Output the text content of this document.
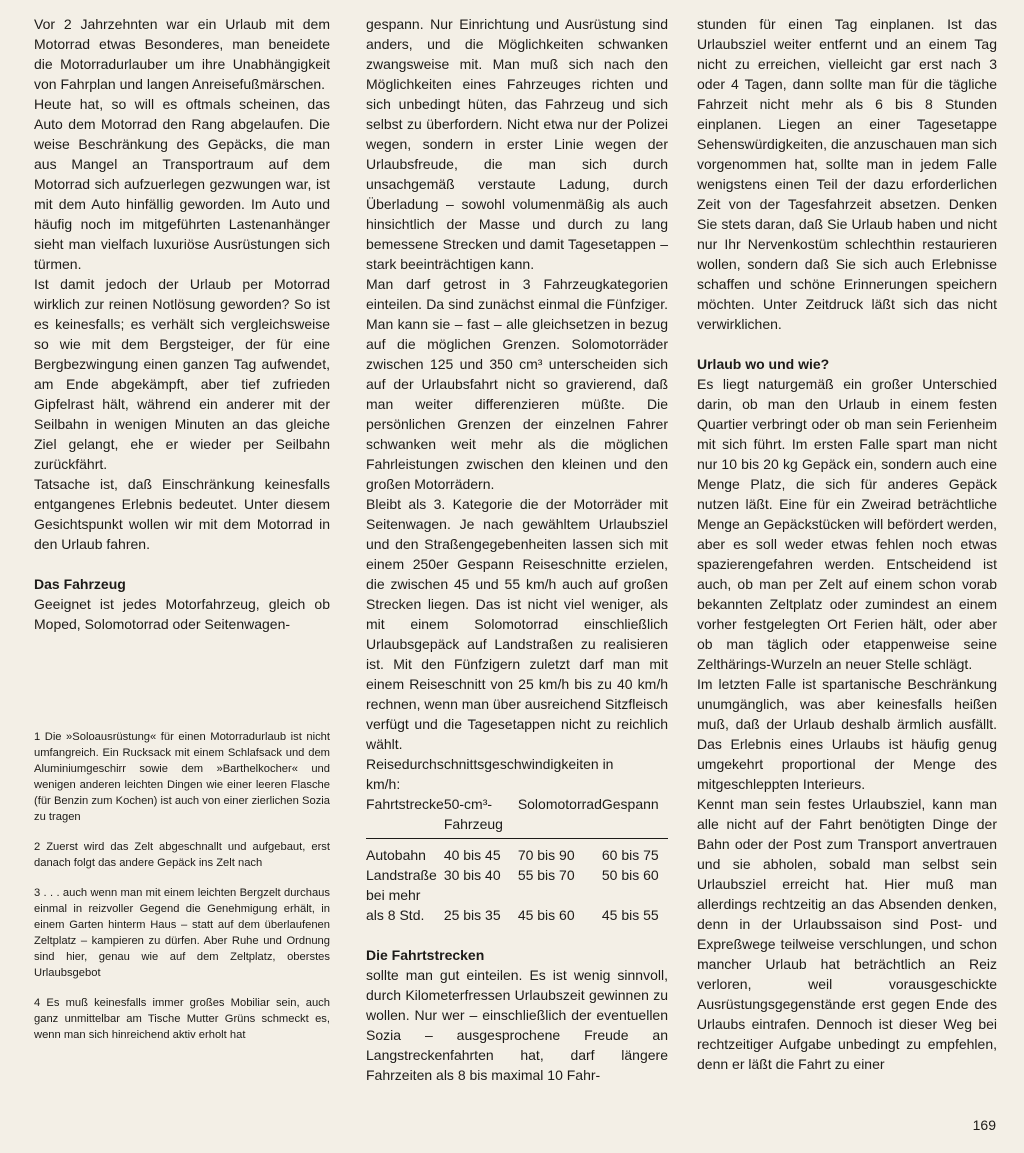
Vor 2 Jahrzehnten war ein Urlaub mit dem Motorrad etwas Besonderes, man beneidete die Motorradurlauber um ihre Unabhängigkeit von Fahrplan und langen Anreisefußmärschen.

Heute hat, so will es oftmals scheinen, das Auto dem Motorrad den Rang abgelaufen. Die weise Beschränkung des Gepäcks, die man aus Mangel an Transportraum auf dem Motorrad sich aufzuerlegen gezwungen war, ist mit dem Auto hinfällig geworden. Im Auto und häufig noch im mitgeführten Lastenanhänger sieht man vielfach luxuriöse Ausrüstungen sich türmen.

Ist damit jedoch der Urlaub per Motorrad wirklich zur reinen Notlösung geworden? So ist es keinesfalls; es verhält sich vergleichsweise so wie mit dem Bergsteiger, der für eine Bergbezwingung einen ganzen Tag aufwendet, am Ende abgekämpft, aber tief zufrieden Gipfelrast hält, während ein anderer mit der Seilbahn in wenigen Minuten an das gleiche Ziel gelangt, ehe er wieder per Seilbahn zurückfährt.

Tatsache ist, daß Einschränkung keinesfalls entgangenes Erlebnis bedeutet. Unter diesem Gesichtspunkt wollen wir mit dem Motorrad in den Urlaub fahren.

Das Fahrzeug

Geeignet ist jedes Motorfahrzeug, gleich ob Moped, Solomotorrad oder Seitenwagen-

1 Die »Soloausrüstung« für einen Motorradurlaub ist nicht umfangreich. Ein Rucksack mit einem Schlafsack und dem Aluminiumgeschirr sowie dem »Barthelkocher« und wenigen anderen leichten Dingen wie einer leeren Flasche (für Benzin zum Kochen) ist auch von einer zierlichen Sozia zu tragen

2 Zuerst wird das Zelt abgeschnallt und aufgebaut, erst danach folgt das andere Gepäck ins Zelt nach

3 . . . auch wenn man mit einem leichten Bergzelt durchaus einmal in reizvoller Gegend die Genehmigung erhält, in einem Garten hinterm Haus – statt auf dem überlaufenen Zeltplatz – kampieren zu dürfen. Aber Ruhe und Ordnung sind hier, genau wie auf dem Zeltplatz, oberstes Urlaubsgebot

4 Es muß keinesfalls immer großes Mobiliar sein, auch ganz unmittelbar am Tische Mutter Grüns schmeckt es, wenn man sich hinreichend aktiv erholt hat

gespann. Nur Einrichtung und Ausrüstung sind anders, und die Möglichkeiten schwanken zwangsweise mit. Man muß sich nach den Möglichkeiten eines Fahrzeuges richten und sich unbedingt hüten, das Fahrzeug und sich selbst zu überfordern. Nicht etwa nur der Polizei wegen, sondern in erster Linie wegen der Urlaubsfreude, die man sich durch unsachgemäß verstaute Ladung, durch Überladung – sowohl volumenmäßig als auch hinsichtlich der Masse und durch zu lang bemessene Strecken und damit Tagesetappen – stark beeinträchtigen kann.

Man darf getrost in 3 Fahrzeugkategorien einteilen. Da sind zunächst einmal die Fünfziger. Man kann sie – fast – alle gleichsetzen in bezug auf die möglichen Grenzen. Solomotorräder zwischen 125 und 350 cm³ unterscheiden sich auf der Urlaubsfahrt nicht so gravierend, daß man weiter differenzieren müßte. Die persönlichen Grenzen der einzelnen Fahrer schwanken weit mehr als die möglichen Fahrleistungen zwischen den kleinen und den großen Motorrädern.

Bleibt als 3. Kategorie die der Motorräder mit Seitenwagen. Je nach gewähltem Urlaubsziel und den Straßengegebenheiten lassen sich mit einem 250er Gespann Reiseschnitte erzielen, die zwischen 45 und 55 km/h auch auf großen Strecken liegen. Das ist nicht viel weniger, als mit einem Solomotorrad einschließlich Urlaubsgepäck auf Landstraßen zu realisieren ist. Mit den Fünfzigern zuletzt darf man mit einem Reiseschnitt von 25 km/h bis zu 40 km/h rechnen, wenn man über ausreichend Sitzfleisch verfügt und die Tagesetappen nicht zu reichlich wählt.

Reisedurchschnittsgeschwindigkeiten in km/h:

Fahrtstrecke	50-cm³-Fahrzeug	Solomotorrad	Gespann
Autobahn	40 bis 45	70 bis 90	60 bis 75
Landstraße	30 bis 40	55 bis 70	50 bis 60
bei mehr als 8 Std.	25 bis 35	45 bis 60	45 bis 55
Die Fahrtstrecken

sollte man gut einteilen. Es ist wenig sinnvoll, durch Kilometerfressen Urlaubszeit gewinnen zu wollen. Nur wer – einschließlich der eventuellen Sozia – ausgesprochene Freude an Langstreckenfahrten hat, darf längere Fahrzeiten als 8 bis maximal 10 Fahr-

stunden für einen Tag einplanen. Ist das Urlaubsziel weiter entfernt und an einem Tag nicht zu erreichen, vielleicht gar erst nach 3 oder 4 Tagen, dann sollte man für die tägliche Fahrzeit nicht mehr als 6 bis 8 Stunden einplanen. Liegen an einer Tagesetappe Sehenswürdigkeiten, die anzuschauen man sich vorgenommen hat, sollte man in jedem Falle wenigstens einen Teil der dazu erforderlichen Zeit von der Tagesfahrzeit absetzen. Denken Sie stets daran, daß Sie Urlaub haben und nicht nur Ihr Nervenkostüm schlechthin restaurieren wollen, sondern daß Sie sich auch Erlebnisse schaffen und schöne Erinnerungen speichern möchten. Unter Zeitdruck läßt sich das nicht verwirklichen.

Urlaub wo und wie?

Es liegt naturgemäß ein großer Unterschied darin, ob man den Urlaub in einem festen Quartier verbringt oder ob man sein Ferienheim mit sich führt. Im ersten Falle spart man nicht nur 10 bis 20 kg Gepäck ein, sondern auch eine Menge Platz, die sich für anderes Gepäck nutzen läßt. Eine für ein Zweirad beträchtliche Menge an Gepäckstücken will befördert werden, aber es soll weder etwas fehlen noch etwas spazierengefahren werden. Entscheidend ist auch, ob man per Zelt auf einem schon vorab bekannten Zeltplatz oder zumindest an einem vorher festgelegten Ort Ferien hält, oder aber ob man täglich oder etappenweise seine Zelthärings-Wurzeln an neuer Stelle schlägt.

Im letzten Falle ist spartanische Beschränkung unumgänglich, was aber keinesfalls heißen muß, daß der Urlaub deshalb ärmlich ausfällt. Das Erlebnis eines Urlaubs ist häufig genug umgekehrt proportional der Menge des mitgeschleppten Interieurs.

Kennt man sein festes Urlaubsziel, kann man alle nicht auf der Fahrt benötigten Dinge der Bahn oder der Post zum Transport anvertrauen und sie abholen, sobald man selbst sein Urlaubsziel erreicht hat. Hier muß man allerdings rechtzeitig an das Absenden denken, denn in der Urlaubssaison sind Post- und Expreßwege teilweise verschlungen, und schon mancher Urlaub hat beträchtlich an Reiz verloren, weil vorausgeschickte Ausrüstungsgegenstände erst gegen Ende des Urlaubs eintrafen. Dennoch ist dieser Weg bei rechtzeitiger Aufgabe unbedingt zu empfehlen, denn er läßt die Fahrt zu einer

169
